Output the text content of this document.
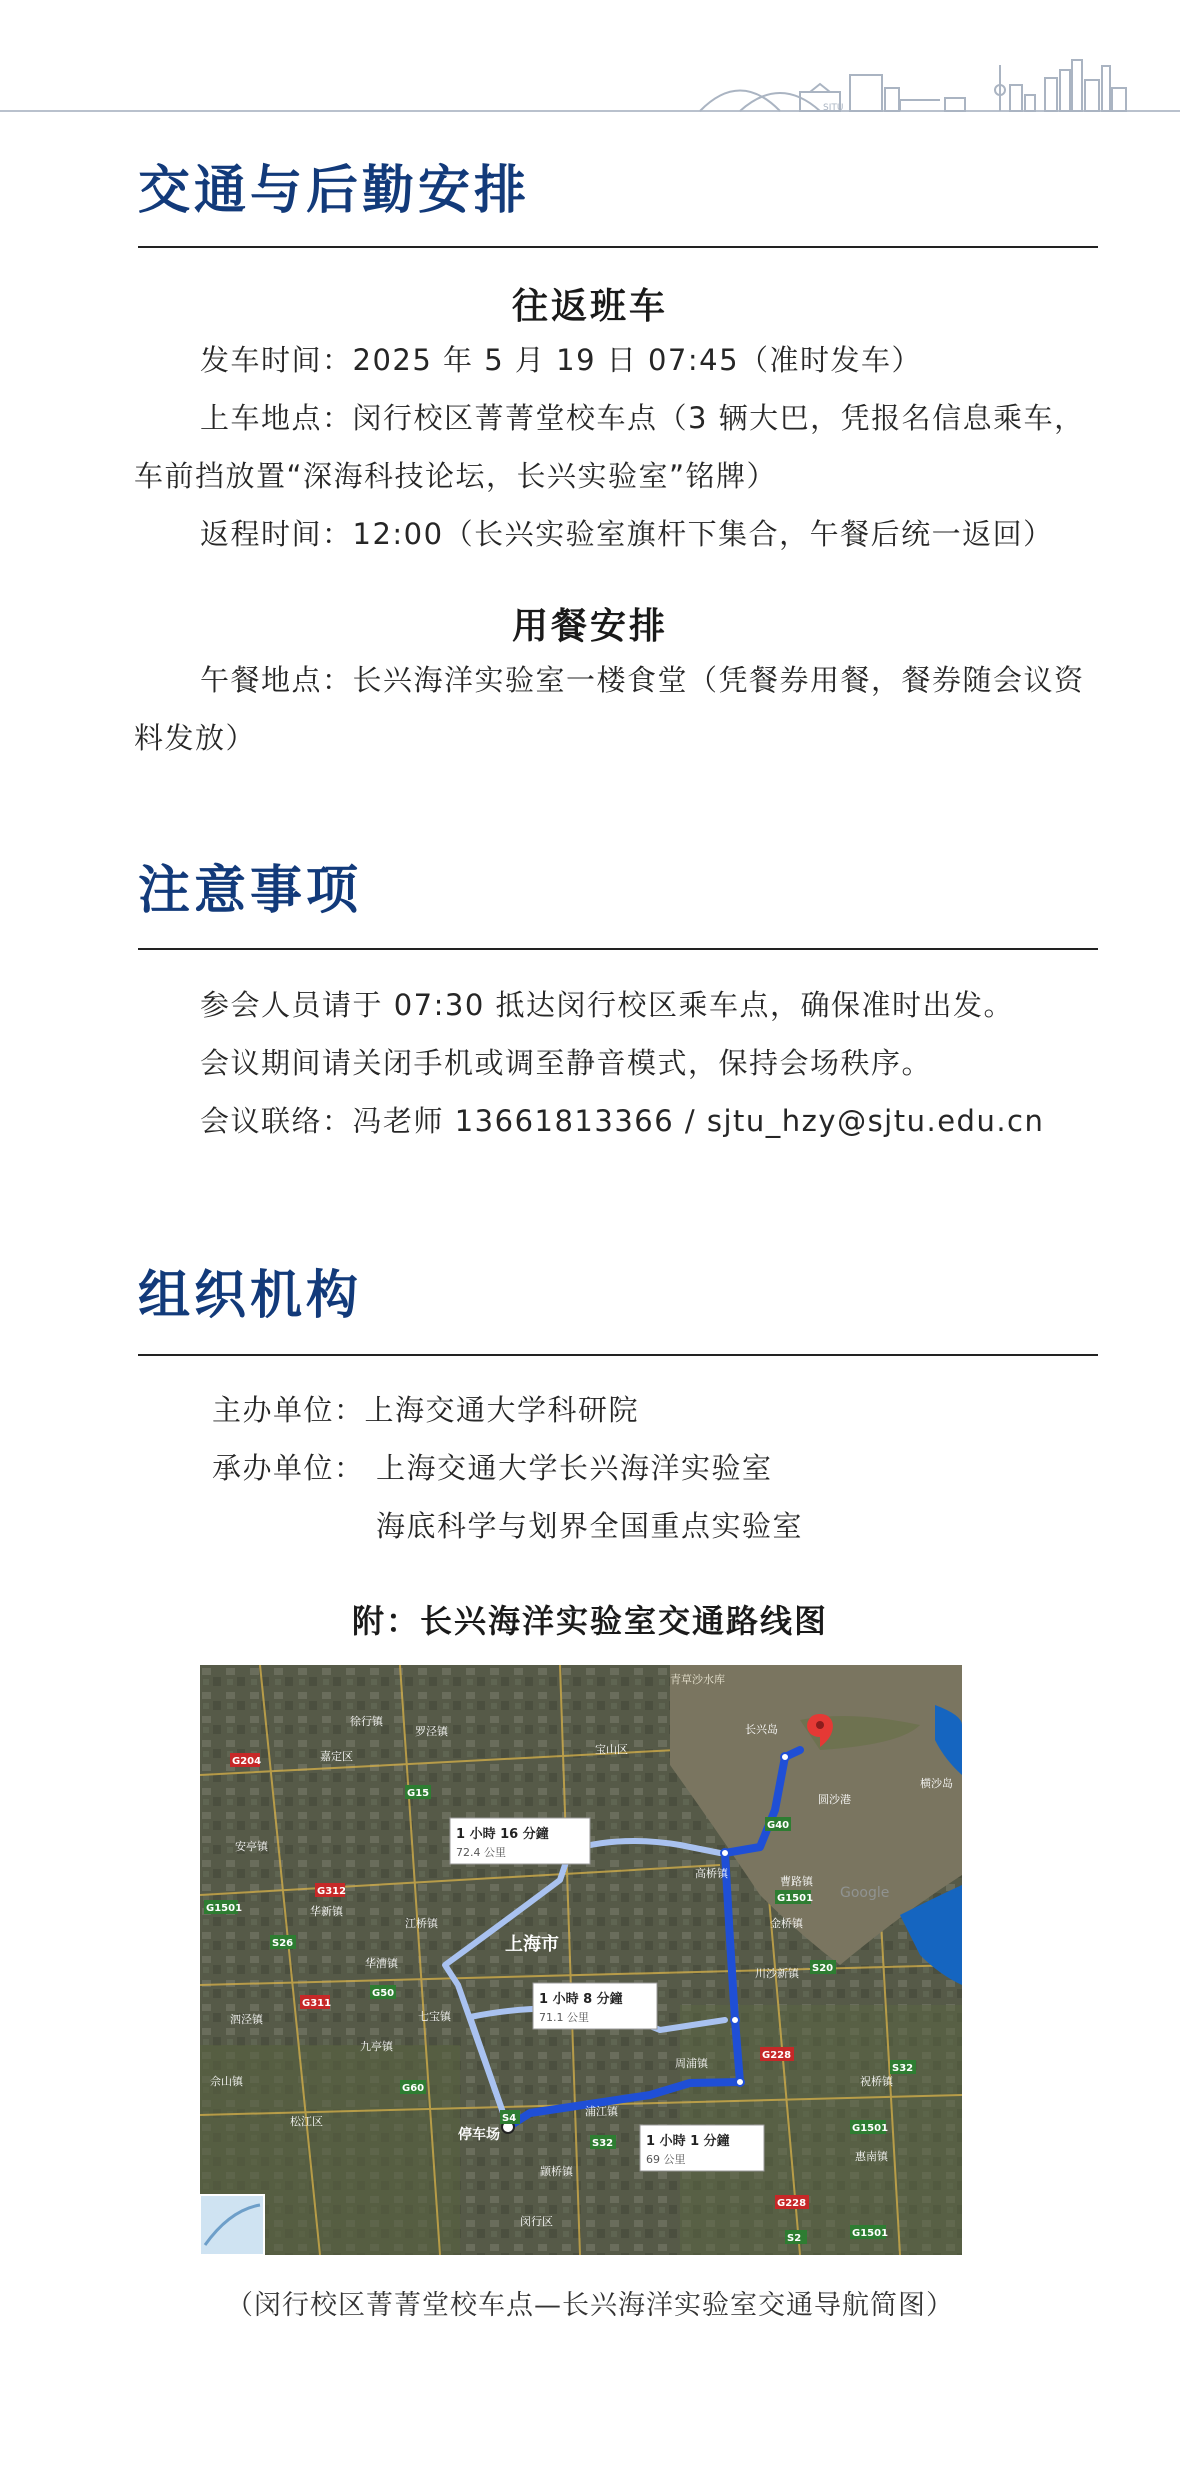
SJTU
交通与后勤安排
往返班车

发车时间：2025 年 5 月 19 日 07:45（准时发车）

上车地点：闵行校区菁菁堂校车点（3 辆大巴，凭报名信息乘车，车前挡放置“深海科技论坛，长兴实验室”铭牌）

返程时间：12:00（长兴实验室旗杆下集合，午餐后统一返回）

用餐安排

午餐地点：长兴海洋实验室一楼食堂（凭餐券用餐，餐券随会议资料发放）

注意事项

参会人员请于 07:30 抵达闵行校区乘车点，确保准时出发。

会议期间请关闭手机或调至静音模式，保持会场秩序。

会议联络：冯老师 13661813366 / sjtu_hzy@sjtu.edu.cn

组织机构

主办单位：上海交通大学科研院

承办单位： 上海交通大学长兴海洋实验室

海底科学与划界全国重点实验室

附：长兴海洋实验室交通路线图
停车场
上海市
青草沙水库
长兴岛
宝山区
嘉定区
罗泾镇
徐行镇
安亭镇
华新镇
江桥镇
华漕镇
七宝镇
泗泾镇
九亭镇
佘山镇
松江区
颛桥镇
闵行区
高桥镇
曹路镇
金桥镇
川沙新镇
周浦镇
祝桥镇
惠南镇
浦江镇
横沙岛
圆沙港
Google
G1501
G204
G312
G15
S26
G50
G311
G60
S32
G228
S4
G40
G1501
S20
S32
G1501
G228
G1501
S2
1 小時 16 分鐘
72.4 公里
1 小時 8 分鐘
71.1 公里
1 小時 1 分鐘
69 公里

（闵行校区菁菁堂校车点—长兴海洋实验室交通导航简图）
